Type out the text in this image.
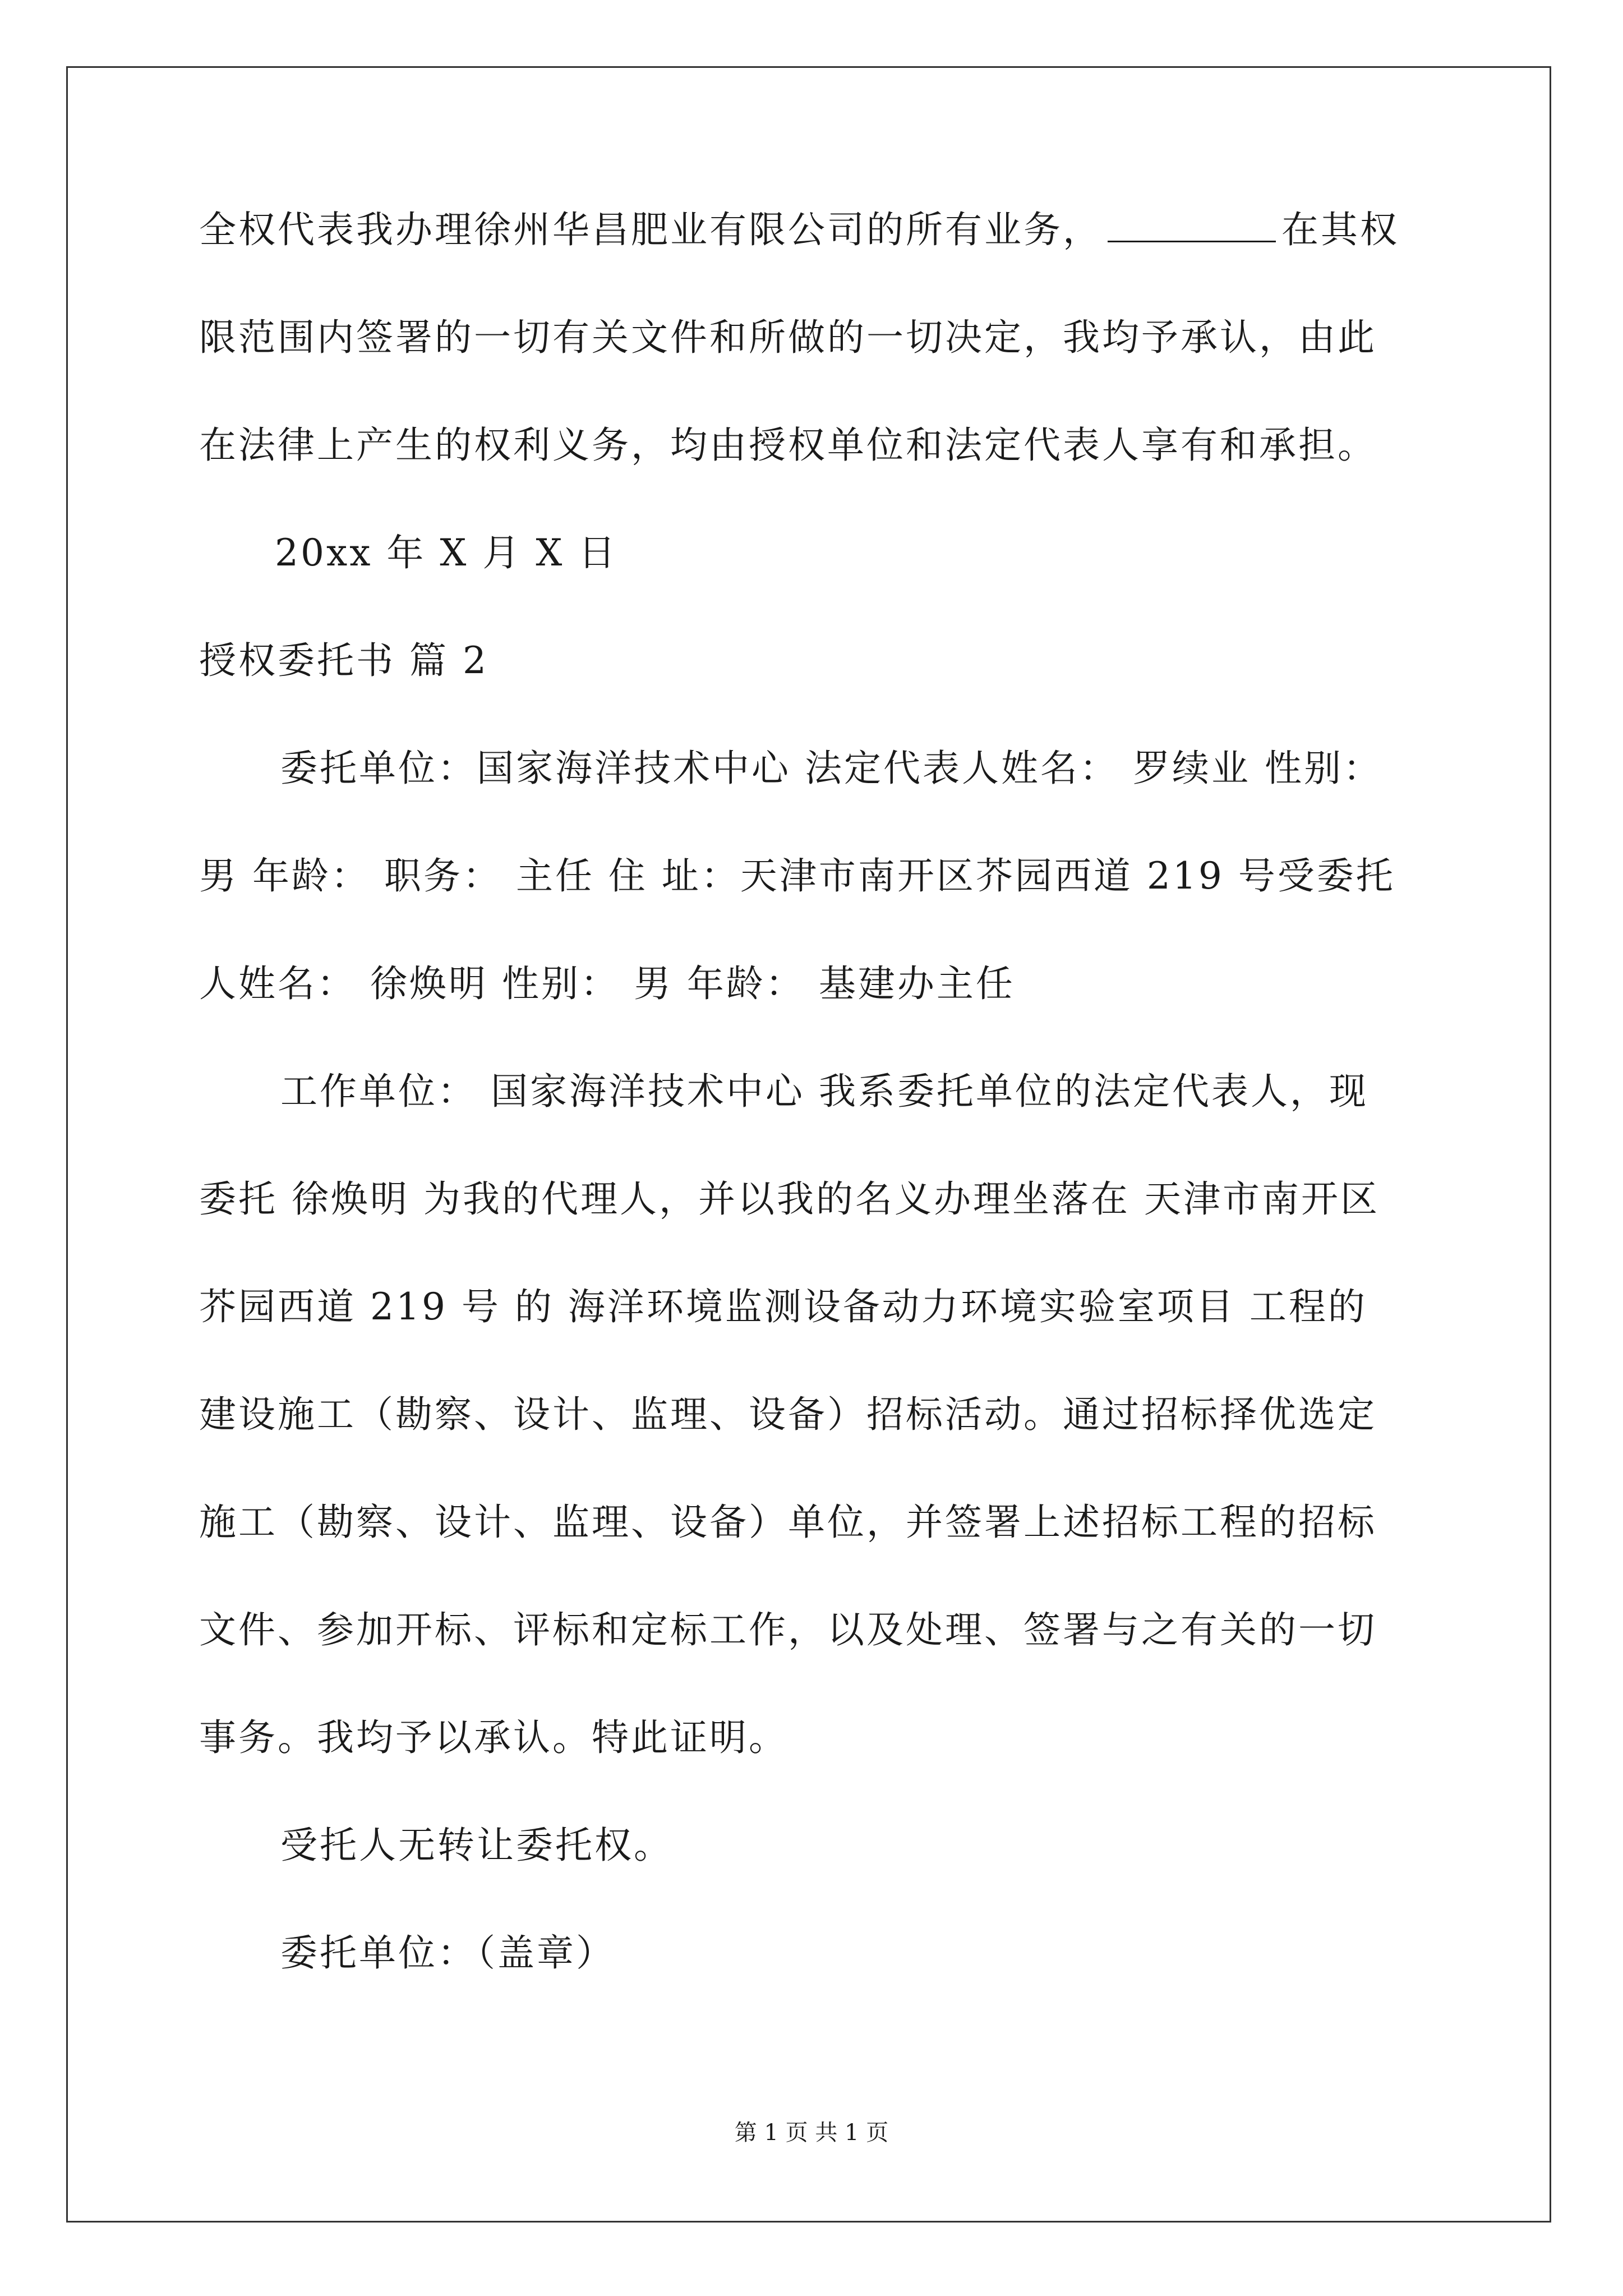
全权代表我办理徐州华昌肥业有限公司的所有业务，	在其权
限范围内签署的一切有关文件和所做的一切决定，我均予承认，由此
在法律上产生的权利义务，均由授权单位和法定代表人享有和承担。
20xx 年 X 月 X 日
授权委托书 篇 2
委托单位：国家海洋技术中心 法定代表人姓名： 罗续业 性别：
男 年龄： 职务： 主任 住 址：天津市南开区芥园西道 219 号受委托
人姓名： 徐焕明 性别： 男 年龄： 基建办主任
工作单位： 国家海洋技术中心 我系委托单位的法定代表人，现
委托 徐焕明 为我的代理人，并以我的名义办理坐落在 天津市南开区
芥园西道 219 号 的 海洋环境监测设备动力环境实验室项目 工程的
建设施工（勘察、设计、监理、设备）招标活动。通过招标择优选定
施工（勘察、设计、监理、设备）单位，并签署上述招标工程的招标
文件、参加开标、评标和定标工作，以及处理、签署与之有关的一切
事务。我均予以承认。特此证明。
受托人无转让委托权。
委托单位：（盖章）
第 1 页 共 1 页
